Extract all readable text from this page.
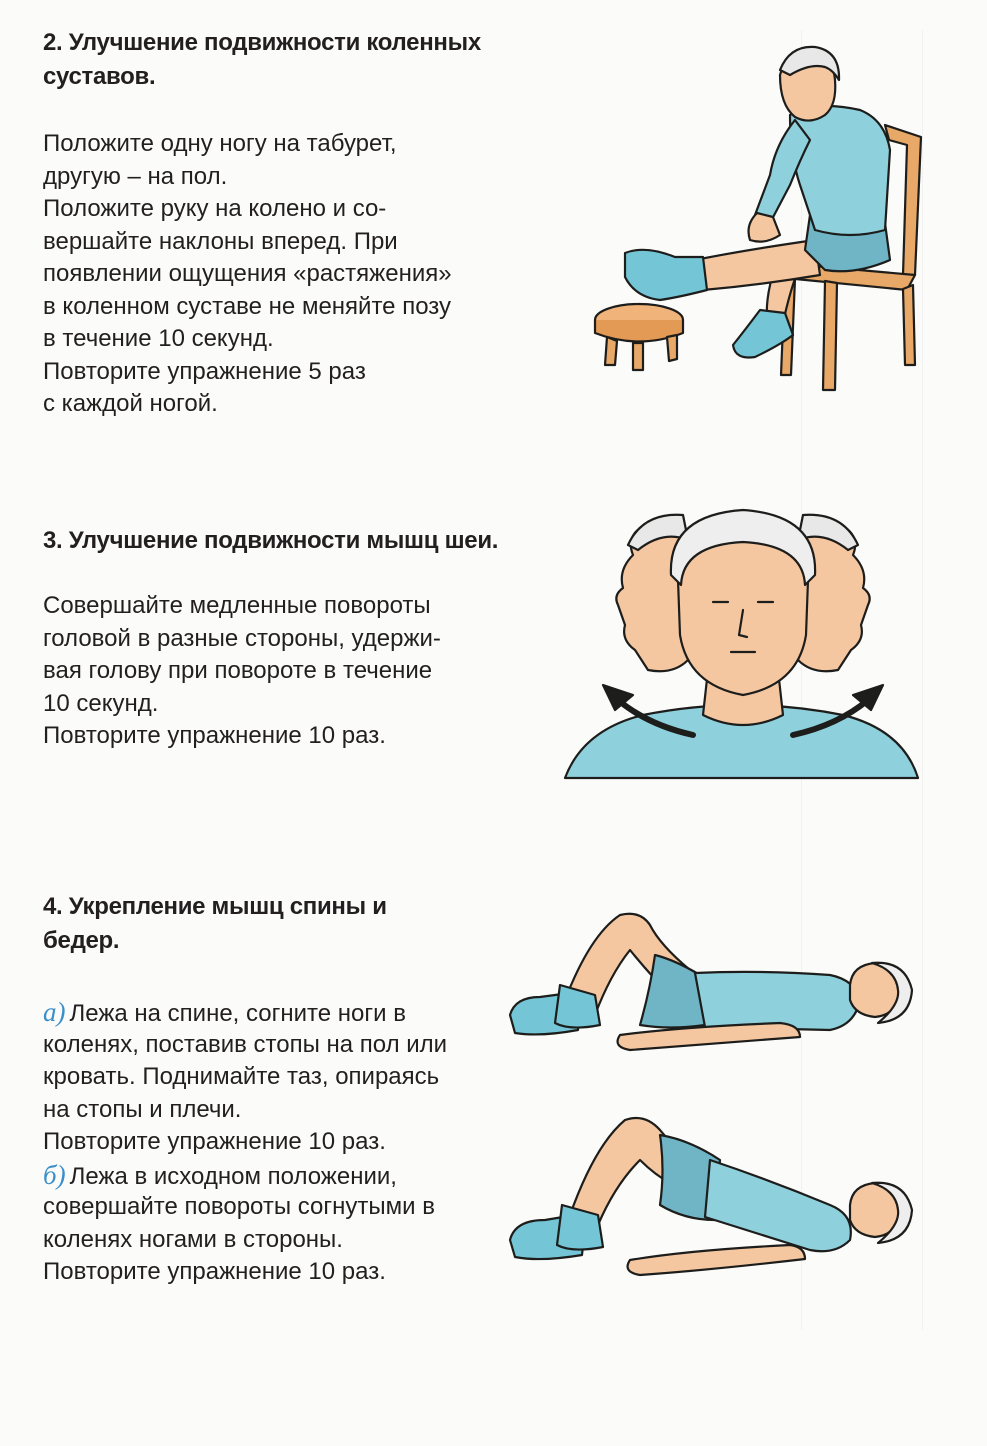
2. Улучшение подвижности коленных
суставов.
Положите одну ногу на табурет,
другую – на пол.
Положите руку на колено и со-
вершайте наклоны вперед. При
появлении ощущения «растяжения»
в коленном суставе не меняйте позу
в течение 10 секунд.
Повторите упражнение 5 раз
с каждой ногой.
3. Улучшение подвижности мышц шеи.
Совершайте медленные повороты
головой в разные стороны, удержи-
вая голову при повороте в течение
10 секунд.
Повторите упражнение 10 раз.
4. Укрепление мышц спины и
бедер.
а) Лежа на спине, согните ноги в
коленях, поставив стопы на пол или
кровать. Поднимайте таз, опираясь
на стопы и плечи.
Повторите упражнение 10 раз.
б) Лежа в исходном положении,
совершайте повороты согнутыми в
коленях ногами в стороны.
Повторите упражнение 10 раз.
